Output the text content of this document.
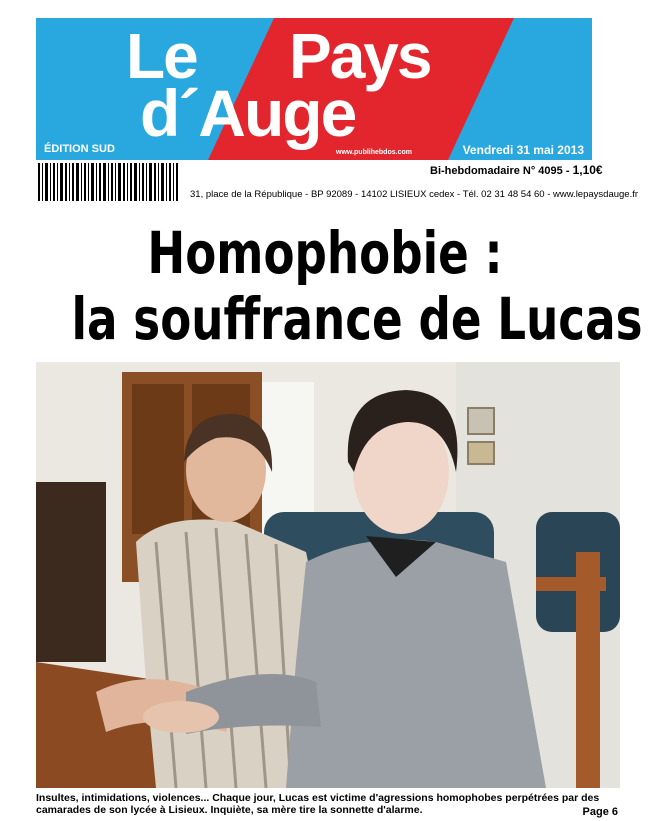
Le Pays
d´Auge
ÉDITION SUD	www.publihebdos.com	Vendredi 31 mai 2013
Bi-hebdomadaire N° 4095 - 1,10€
31, place de la République - BP 92089 - 14102 LISIEUX cedex - Tél. 02 31 48 54 60 - www.lepaysdauge.fr
Homophobie :
la souffrance de Lucas
Insultes, intimidations, violences... Chaque jour, Lucas est victime d'agressions homophobes perpétrées par des camarades de son lycée à Lisieux. Inquiète, sa mère tire la sonnette d'alarme.	Page 6
